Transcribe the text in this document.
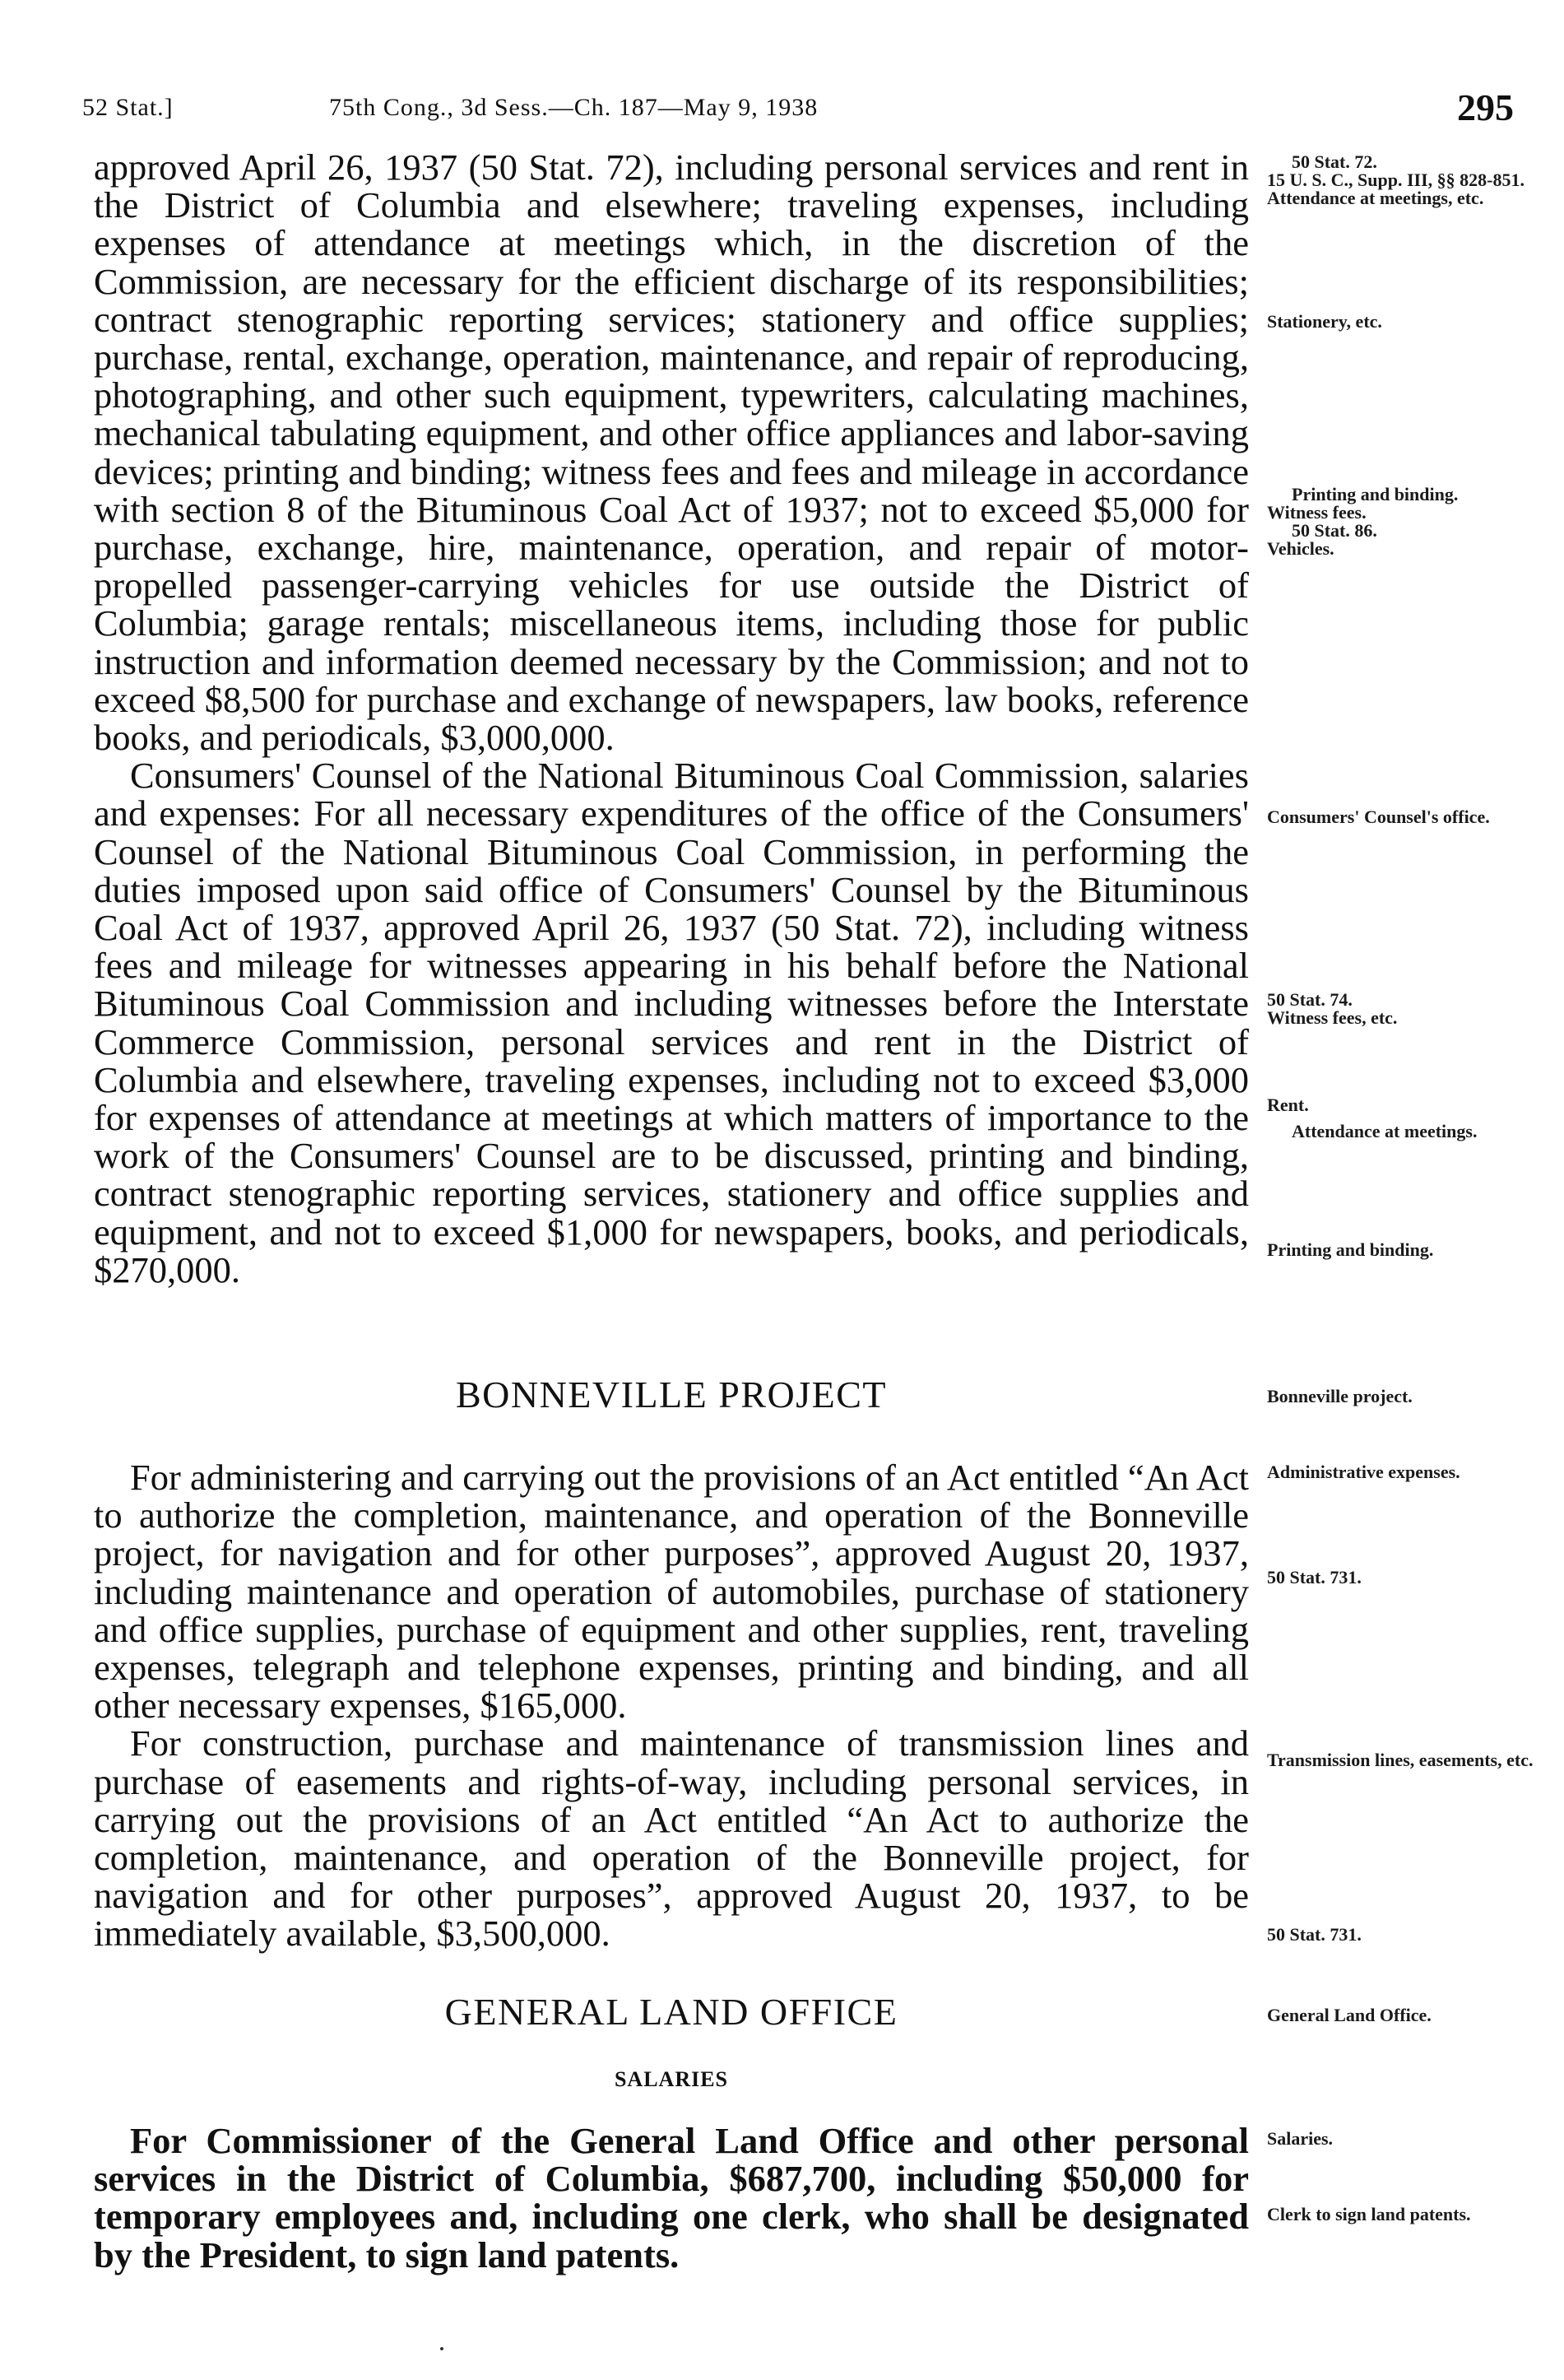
52 Stat.]	75th Cong., 3d Sess.—Ch. 187—May 9, 1938	295

approved April 26, 1937 (50 Stat. 72), including personal services and rent in the District of Columbia and elsewhere; traveling expenses, including expenses of attendance at meetings which, in the discretion of the Commission, are necessary for the efficient discharge of its responsibilities; contract stenographic reporting services; stationery and office supplies; purchase, rental, exchange, operation, maintenance, and repair of reproducing, photographing, and other such equipment, typewriters, calculating machines, mechanical tabulating equipment, and other office appliances and labor-saving devices; printing and binding; witness fees and fees and mileage in accordance with section 8 of the Bituminous Coal Act of 1937; not to exceed $5,000 for purchase, exchange, hire, maintenance, operation, and repair of motor-propelled passenger-carrying vehicles for use outside the District of Columbia; garage rentals; miscellaneous items, including those for public instruction and information deemed necessary by the Commission; and not to exceed $8,500 for purchase and exchange of newspapers, law books, reference books, and periodicals, $3,000,000.

Consumers' Counsel of the National Bituminous Coal Commission, salaries and expenses: For all necessary expenditures of the office of the Consumers' Counsel of the National Bituminous Coal Commission, in performing the duties imposed upon said office of Consumers' Counsel by the Bituminous Coal Act of 1937, approved April 26, 1937 (50 Stat. 72), including witness fees and mileage for witnesses appearing in his behalf before the National Bituminous Coal Commission and including witnesses before the Interstate Commerce Commission, personal services and rent in the District of Columbia and elsewhere, traveling expenses, including not to exceed $3,000 for expenses of attendance at meetings at which matters of importance to the work of the Consumers' Counsel are to be discussed, printing and binding, contract stenographic reporting services, stationery and office supplies and equipment, and not to exceed $1,000 for newspapers, books, and periodicals, $270,000.

BONNEVILLE PROJECT

For administering and carrying out the provisions of an Act entitled “An Act to authorize the completion, maintenance, and operation of the Bonneville project, for navigation and for other purposes”, approved August 20, 1937, including maintenance and operation of automobiles, purchase of stationery and office supplies, purchase of equipment and other supplies, rent, traveling expenses, telegraph and telephone expenses, printing and binding, and all other necessary expenses, $165,000.

For construction, purchase and maintenance of transmission lines and purchase of easements and rights-of-way, including personal services, in carrying out the provisions of an Act entitled “An Act to authorize the completion, maintenance, and operation of the Bonneville project, for navigation and for other purposes”, approved August 20, 1937, to be immediately available, $3,500,000.

GENERAL LAND OFFICE
SALARIES

For Commissioner of the General Land Office and other personal services in the District of Columbia, $687,700, including $50,000 for temporary employees and, including one clerk, who shall be designated by the President, to sign land patents.

50 Stat. 72.
15 U. S. C., Supp. III, §§ 828-851.
Attendance at meetings, etc.
Stationery, etc.
Printing and binding.
Witness fees.
50 Stat. 86.
Vehicles.
Consumers' Counsel's office.
50 Stat. 74.
Witness fees, etc.
Rent.
Attendance at meetings.
Printing and binding.
Bonneville project.
Administrative expenses.
50 Stat. 731.
Transmission lines, easements, etc.
50 Stat. 731.
General Land Office.
Salaries.
Clerk to sign land patents.
